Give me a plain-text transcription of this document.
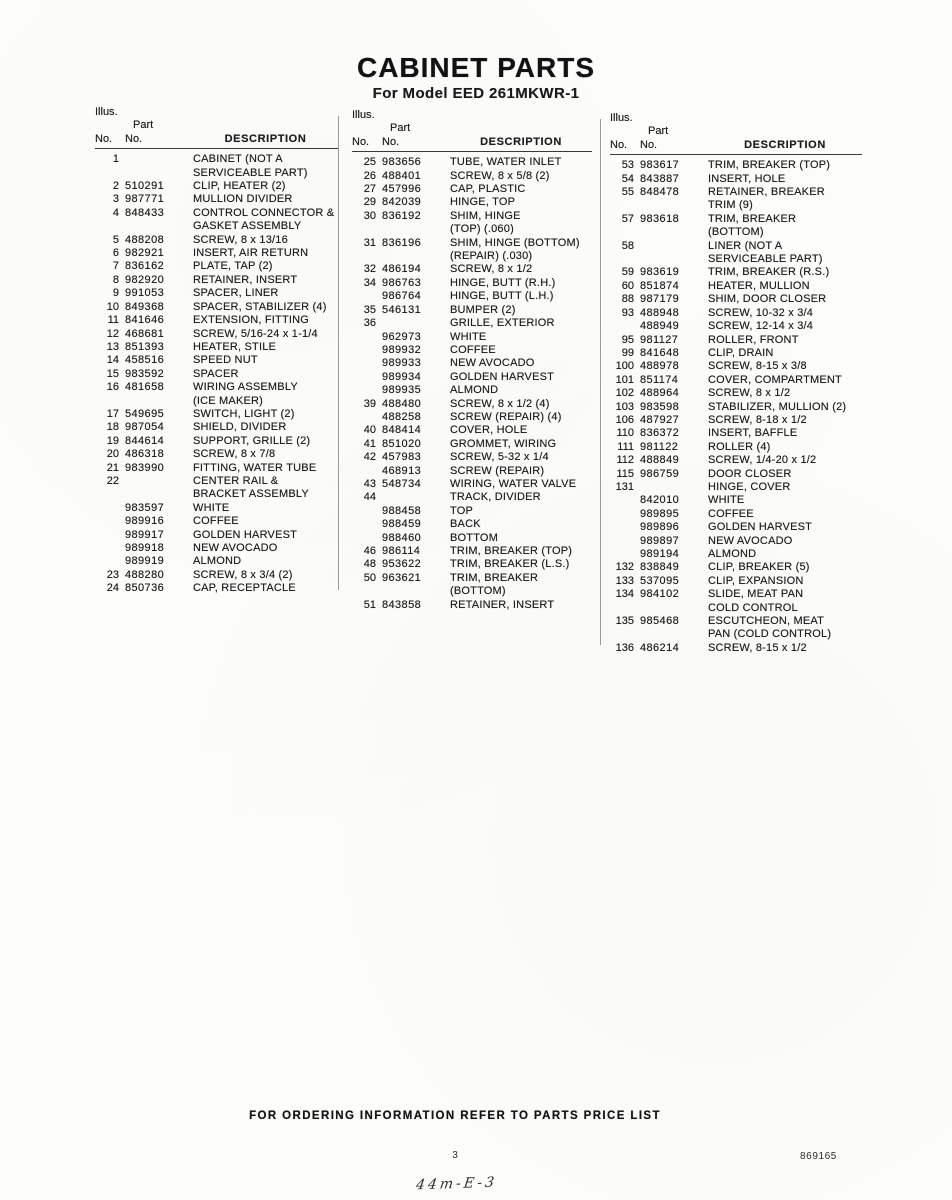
CABINET PARTS
For Model EED 261MKWR-1
Illus.
Part
No.	No.	DESCRIPTION
1	CABINET (NOT A
SERVICEABLE PART)
2 510291	CLIP, HEATER (2)
3 987771	MULLION DIVIDER
4 848433	CONTROL CONNECTOR &
GASKET ASSEMBLY
5 488208	SCREW, 8 x 13/16
6 982921	INSERT, AIR RETURN
7 836162	PLATE, TAP (2)
8 982920	RETAINER, INSERT
9 991053	SPACER, LINER
10 849368	SPACER, STABILIZER (4)
11 841646	EXTENSION, FITTING
12 468681	SCREW, 5/16-24 x 1-1/4
13 851393	HEATER, STILE
14 458516	SPEED NUT
15 983592	SPACER
16 481658	WIRING ASSEMBLY
(ICE MAKER)
17 549695	SWITCH, LIGHT (2)
18 987054	SHIELD, DIVIDER
19 844614	SUPPORT, GRILLE (2)
20 486318	SCREW, 8 x 7/8
21 983990	FITTING, WATER TUBE
22	CENTER RAIL &
BRACKET ASSEMBLY
983597	WHITE
989916	COFFEE
989917	GOLDEN HARVEST
989918	NEW AVOCADO
989919	ALMOND
23 488280	SCREW, 8 x 3/4 (2)
24 850736	CAP, RECEPTACLE
Illus.
Part
No.	No.	DESCRIPTION
25 983656	TUBE, WATER INLET
26 488401	SCREW, 8 x 5/8 (2)
27 457996	CAP, PLASTIC
29 842039	HINGE, TOP
30 836192	SHIM, HINGE
(TOP) (.060)
31 836196	SHIM, HINGE (BOTTOM)
(REPAIR) (.030)
32 486194	SCREW, 8 x 1/2
34 986763	HINGE, BUTT (R.H.)
986764	HINGE, BUTT (L.H.)
35 546131	BUMPER (2)
36	GRILLE, EXTERIOR
962973	WHITE
989932	COFFEE
989933	NEW AVOCADO
989934	GOLDEN HARVEST
989935	ALMOND
39 488480	SCREW, 8 x 1/2 (4)
488258	SCREW (REPAIR) (4)
40 848414	COVER, HOLE
41 851020	GROMMET, WIRING
42 457983	SCREW, 5-32 x 1/4
468913	SCREW (REPAIR)
43 548734	WIRING, WATER VALVE
44	TRACK, DIVIDER
988458	TOP
988459	BACK
988460	BOTTOM
46 986114	TRIM, BREAKER (TOP)
48 953622	TRIM, BREAKER (L.S.)
50 963621	TRIM, BREAKER
(BOTTOM)
51 843858	RETAINER, INSERT
Illus.
Part
No.	No.	DESCRIPTION
53 983617	TRIM, BREAKER (TOP)
54 843887	INSERT, HOLE
55 848478	RETAINER, BREAKER
TRIM (9)
57 983618	TRIM, BREAKER
(BOTTOM)
58	LINER (NOT A
SERVICEABLE PART)
59 983619	TRIM, BREAKER (R.S.)
60 851874	HEATER, MULLION
88 987179	SHIM, DOOR CLOSER
93 488948	SCREW, 10-32 x 3/4
488949	SCREW, 12-14 x 3/4
95 981127	ROLLER, FRONT
99 841648	CLIP, DRAIN
100 488978	SCREW, 8-15 x 3/8
101 851174	COVER, COMPARTMENT
102 488964	SCREW, 8 x 1/2
103 983598	STABILIZER, MULLION (2)
106 487927	SCREW, 8-18 x 1/2
110 836372	INSERT, BAFFLE
111 981122	ROLLER (4)
112 488849	SCREW, 1/4-20 x 1/2
115 986759	DOOR CLOSER
131	HINGE, COVER
842010	WHITE
989895	COFFEE
989896	GOLDEN HARVEST
989897	NEW AVOCADO
989194	ALMOND
132 838849	CLIP, BREAKER (5)
133 537095	CLIP, EXPANSION
134 984102	SLIDE, MEAT PAN
COLD CONTROL
135 985468	ESCUTCHEON, MEAT
PAN (COLD CONTROL)
136 486214	SCREW, 8-15 x 1/2
FOR ORDERING INFORMATION REFER TO PARTS PRICE LIST
3	869165
44m-E-3
